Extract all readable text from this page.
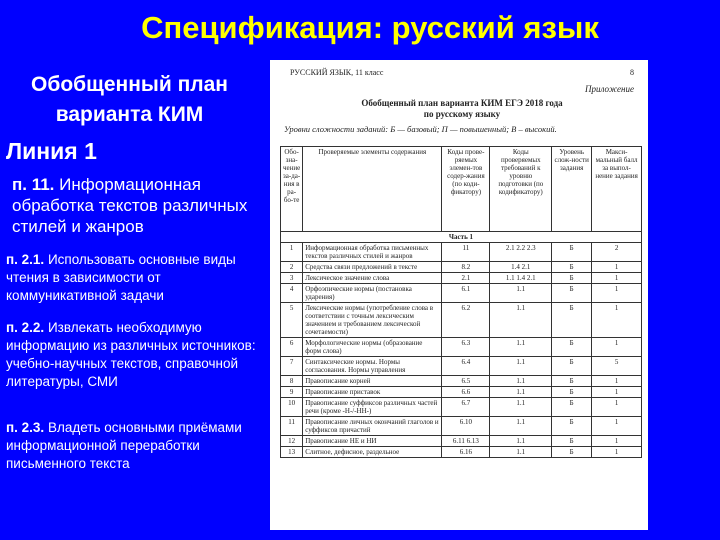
Спецификация: русский язык
Обобщенный план варианта КИМ
Линия 1
п. 11. Информационная обработка текстов различных стилей и жанров
п. 2.1. Использовать основные виды чтения в зависимости от коммуникативной задачи
п. 2.2. Извлекать необходимую информацию из различных источников: учебно-научных текстов, справочной литературы, СМИ
п. 2.3. Владеть основными приёмами информационной переработки письменного текста
РУССКИЙ ЯЗЫК, 11 класс	8
Приложение
Обобщенный план варианта КИМ ЕГЭ 2018 года
по русскому языку
Уровни сложности заданий: Б — базовый; П — повышенный; В – высокий.
Обо-зна-чение за-да-ния в ра-бо-те	Проверяемые элементы содержания	Коды прове-ряемых элемен-тов содер-жания (по коди-фикатору)	Коды проверяемых требований к уровню подготовки (по кодификатору)	Уровень слож-ности задания	Макси-мальный балл за выпол-нение задания
Часть 1					
1	Информационная обработка письменных текстов различных стилей и жанров	11	2.1 2.2 2.3	Б	2
2	Средства связи предложений в тексте	8.2	1.4 2.1	Б	1
3	Лексическое значение слова	2.1	1.1 1.4 2.1	Б	1
4	Орфоэпические нормы (постановка ударения)	6.1	1.1	Б	1
5	Лексические нормы (употребление слова в соответствии с точным лексическим значением и требованием лексической сочетаемости)	6.2	1.1	Б	1
6	Морфологические нормы (образование форм слова)	6.3	1.1	Б	1
7	Синтаксические нормы. Нормы согласования. Нормы управления	6.4	1.1	Б	5
8	Правописание корней	6.5	1.1	Б	1
9	Правописание приставок	6.6	1.1	Б	1
10	Правописание суффиксов различных частей речи (кроме -Н-/-НН-)	6.7	1.1	Б	1
11	Правописание личных окончаний глаголов и суффиксов причастий	6.10	1.1	Б	1
12	Правописание НЕ и НИ	6.11 6.13	1.1	Б	1
13	Слитное, дефисное, раздельное	6.16	1.1	Б	1
